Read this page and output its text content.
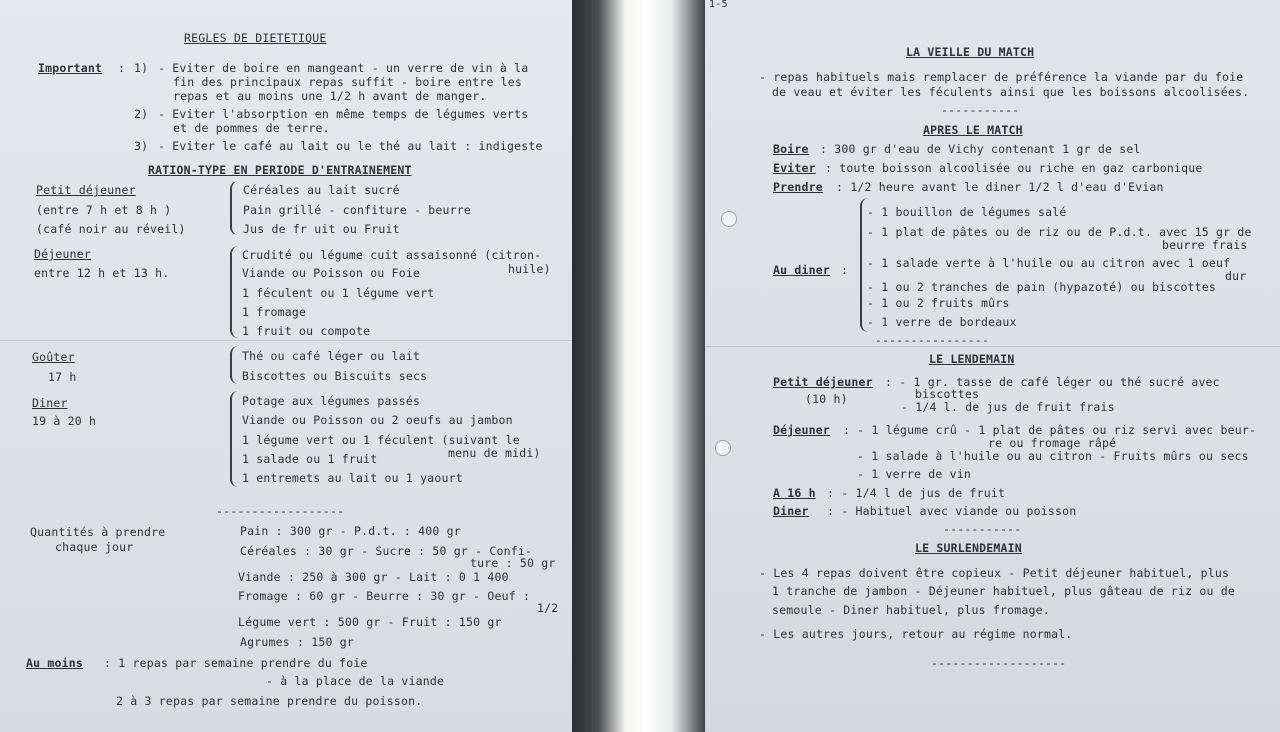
REGLES DE DIETETIQUE
Important : 1) - Eviter de boire en mangeant - un verre de vin à la
fin des principaux repas suffit - boire entre les
repas et au moins une 1/2 h avant de manger.
2) - Eviter l'absorption en même temps de légumes verts
et de pommes de terre.
3) - Eviter le café au lait ou le thé au lait : indigeste
RATION-TYPE EN PERIODE D'ENTRAINEMENT
Petit déjeuner
(entre 7 h et 8 h )
(café noir au réveil)
Céréales au lait sucré
Pain grillé - confiture - beurre
Jus de fr uit ou Fruit
Déjeuner
entre 12 h et 13 h.
Crudité ou légume cuit assaisonné (citron-
huile)
Viande ou Poisson ou Foie
1 féculent ou 1 légume vert
1 fromage
1 fruit ou compote
Goûter
17 h
Thé ou café léger ou lait
Biscottes ou Biscuits secs
Diner
19 à 20 h
Potage aux légumes passés
Viande ou Poisson ou 2 oeufs au jambon
1 légume vert ou 1 féculent (suivant le
menu de midi)
1 salade ou 1 fruit
1 entremets au lait ou 1 yaourt
------------------
Quantités à prendre
chaque jour
Pain : 300 gr - P.d.t. : 400 gr
Céréales : 30 gr - Sucre : 50 gr - Confi-
ture : 50 gr
Viande : 250 à 300 gr - Lait : 0 1 400
Fromage : 60 gr - Beurre : 30 gr - Oeuf :
1/2
Légume vert : 500 gr - Fruit : 150 gr
Agrumes : 150 gr
Au moins : 1 repas par semaine prendre du foie
- à la place de la viande
2 à 3 repas par semaine prendre du poisson.
1-5
LA VEILLE DU MATCH
- repas habituels mais remplacer de préférence la viande par du foie
de veau et éviter les féculents ainsi que les boissons alcoolisées.
-----------
APRES LE MATCH
Boire : 300 gr d'eau de Vichy contenant 1 gr de sel
Eviter : toute boisson alcoolisée ou riche en gaz carbonique
Prendre : 1/2 heure avant le diner 1/2 l d'eau d'Evian
Au diner :
- 1 bouillon de légumes salé
- 1 plat de pâtes ou de riz ou de P.d.t. avec 15 gr de
beurre frais
- 1 salade verte à l'huile ou au citron avec 1 oeuf
dur
- 1 ou 2 tranches de pain (hypazoté) ou biscottes
- 1 ou 2 fruits mûrs
- 1 verre de bordeaux
----------------
LE LENDEMAIN
Petit déjeuner
(10 h)
: - 1 gr. tasse de café léger ou thé sucré avec
biscottes
- 1/4 l. de jus de fruit frais
Déjeuner : - 1 légume crû - 1 plat de pâtes ou riz servi avec beur-
re ou fromage râpé
- 1 salade à l'huile ou au citron - Fruits mûrs ou secs
- 1 verre de vin
A 16 h : - 1/4 l de jus de fruit
Diner : - Habituel avec viande ou poisson
-----------
LE SURLENDEMAIN
- Les 4 repas doivent être copieux - Petit déjeuner habituel, plus
1 tranche de jambon - Déjeuner habituel, plus gâteau de riz ou de
semoule - Diner habituel, plus fromage.
- Les autres jours, retour au régime normal.
-------------------
